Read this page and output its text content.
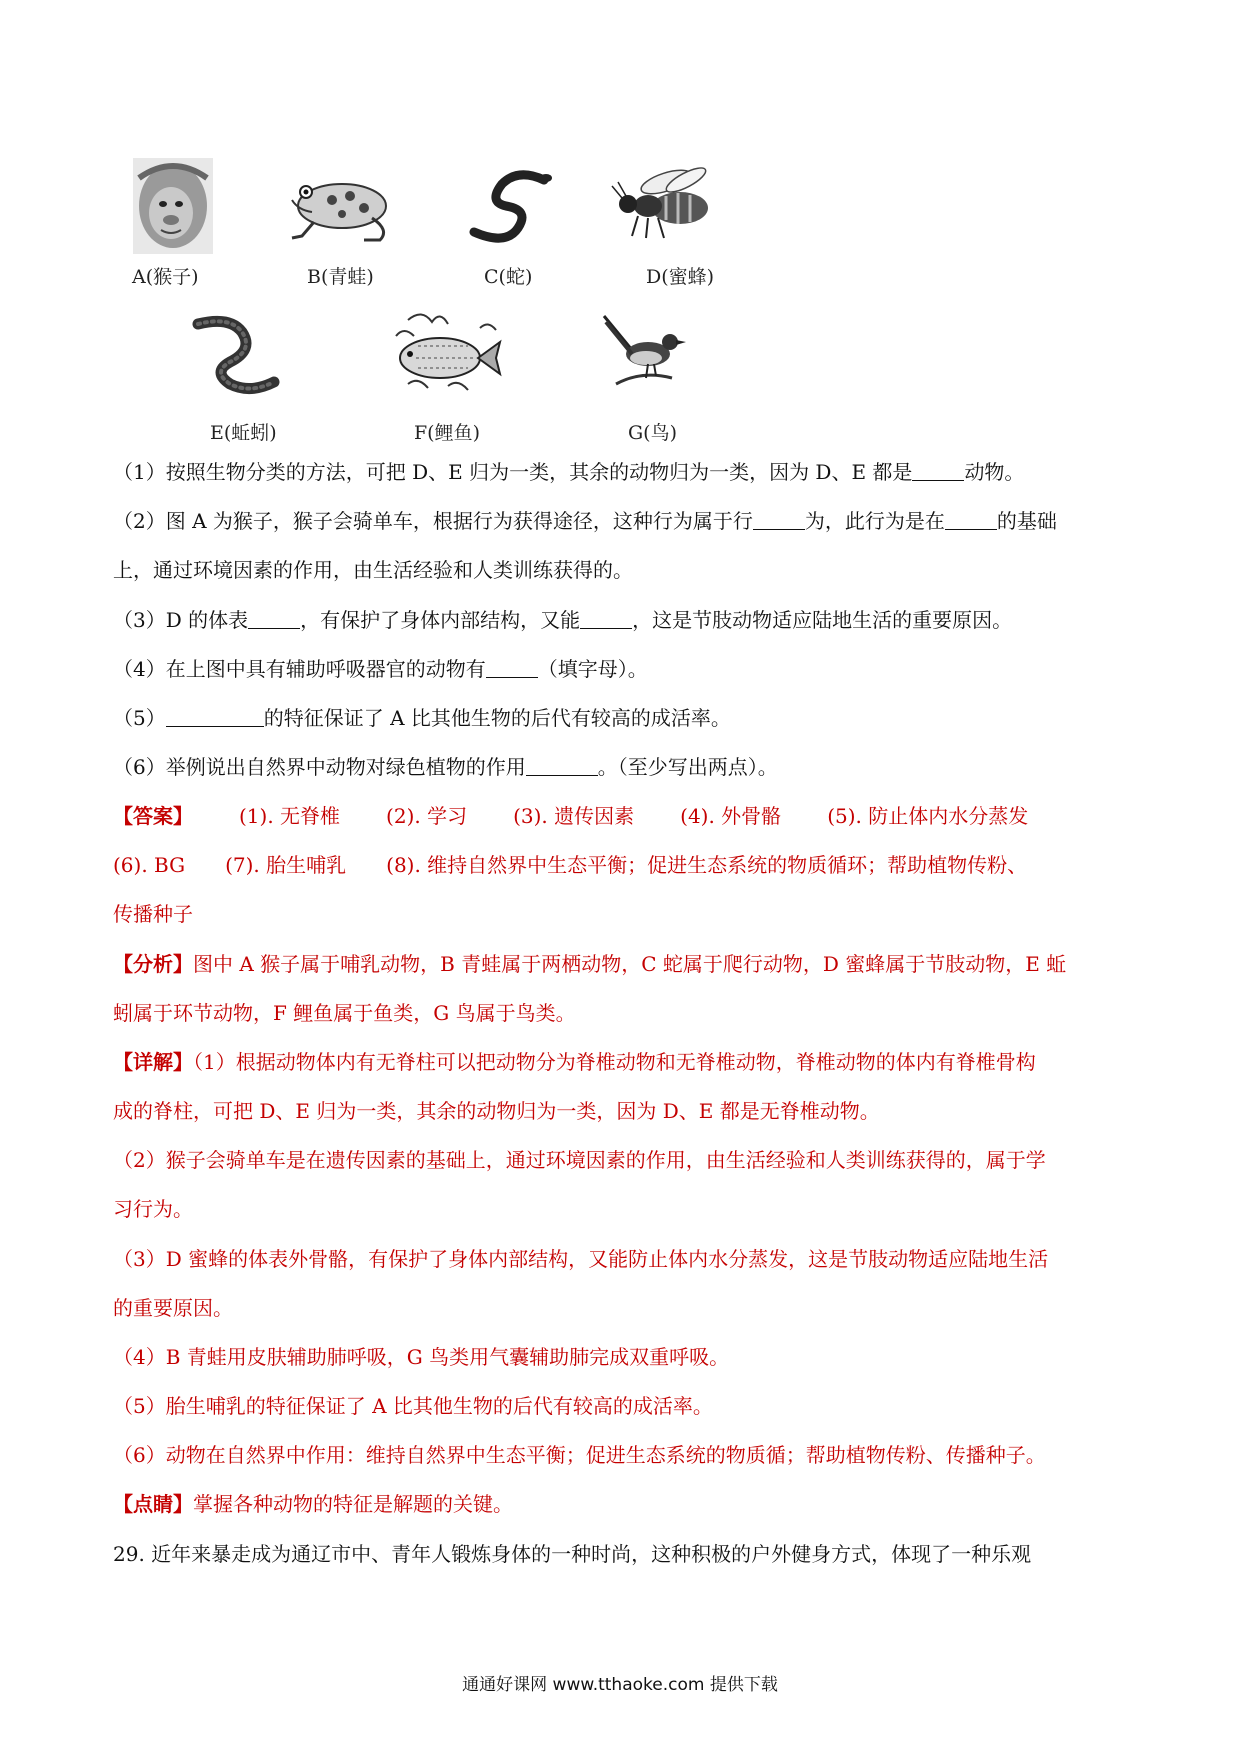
A(猴子)	B(青蛙)	C(蛇)	D(蜜蜂)
E(蚯蚓)	F(鲤鱼)	G(鸟)
（1）按照生物分类的方法，可把 D、E 归为一类，其余的动物归为一类，因为 D、E 都是	动物。
（2）图 A 为猴子，猴子会骑单车，根据行为获得途径，这种行为属于行	为，此行为是在	的基础
上，通过环境因素的作用，由生活经验和人类训练获得的。
（3）D 的体表	，有保护了身体内部结构，又能	，这是节肢动物适应陆地生活的重要原因。
（4）在上图中具有辅助呼吸器官的动物有	（填字母）。
（5）	的特征保证了 A 比其他生物的后代有较高的成活率。
（6）举例说出自然界中动物对绿色植物的作用	。（至少写出两点）。
【答案】 (1). 无脊椎 (2). 学习 (3). 遗传因素 (4). 外骨骼 (5). 防止体内水分蒸发
(6). BG (7). 胎生哺乳 (8). 维持自然界中生态平衡；促进生态系统的物质循环；帮助植物传粉、
传播种子
【分析】图中 A 猴子属于哺乳动物，B 青蛙属于两栖动物，C 蛇属于爬行动物，D 蜜蜂属于节肢动物，E 蚯
蚓属于环节动物，F 鲤鱼属于鱼类，G 鸟属于鸟类。
【详解】（1）根据动物体内有无脊柱可以把动物分为脊椎动物和无脊椎动物，脊椎动物的体内有脊椎骨构
成的脊柱，可把 D、E 归为一类，其余的动物归为一类，因为 D、E 都是无脊椎动物。
（2）猴子会骑单车是在遗传因素的基础上，通过环境因素的作用，由生活经验和人类训练获得的，属于学
习行为。
（3）D 蜜蜂的体表外骨骼，有保护了身体内部结构，又能防止体内水分蒸发，这是节肢动物适应陆地生活
的重要原因。
（4）B 青蛙用皮肤辅助肺呼吸，G 鸟类用气囊辅助肺完成双重呼吸。
（5）胎生哺乳的特征保证了 A 比其他生物的后代有较高的成活率。
（6）动物在自然界中作用：维持自然界中生态平衡；促进生态系统的物质循；帮助植物传粉、传播种子。
【点睛】掌握各种动物的特征是解题的关键。
29. 近年来暴走成为通辽市中、青年人锻炼身体的一种时尚，这种积极的户外健身方式，体现了一种乐观
通通好课网 www.tthaoke.com 提供下载
